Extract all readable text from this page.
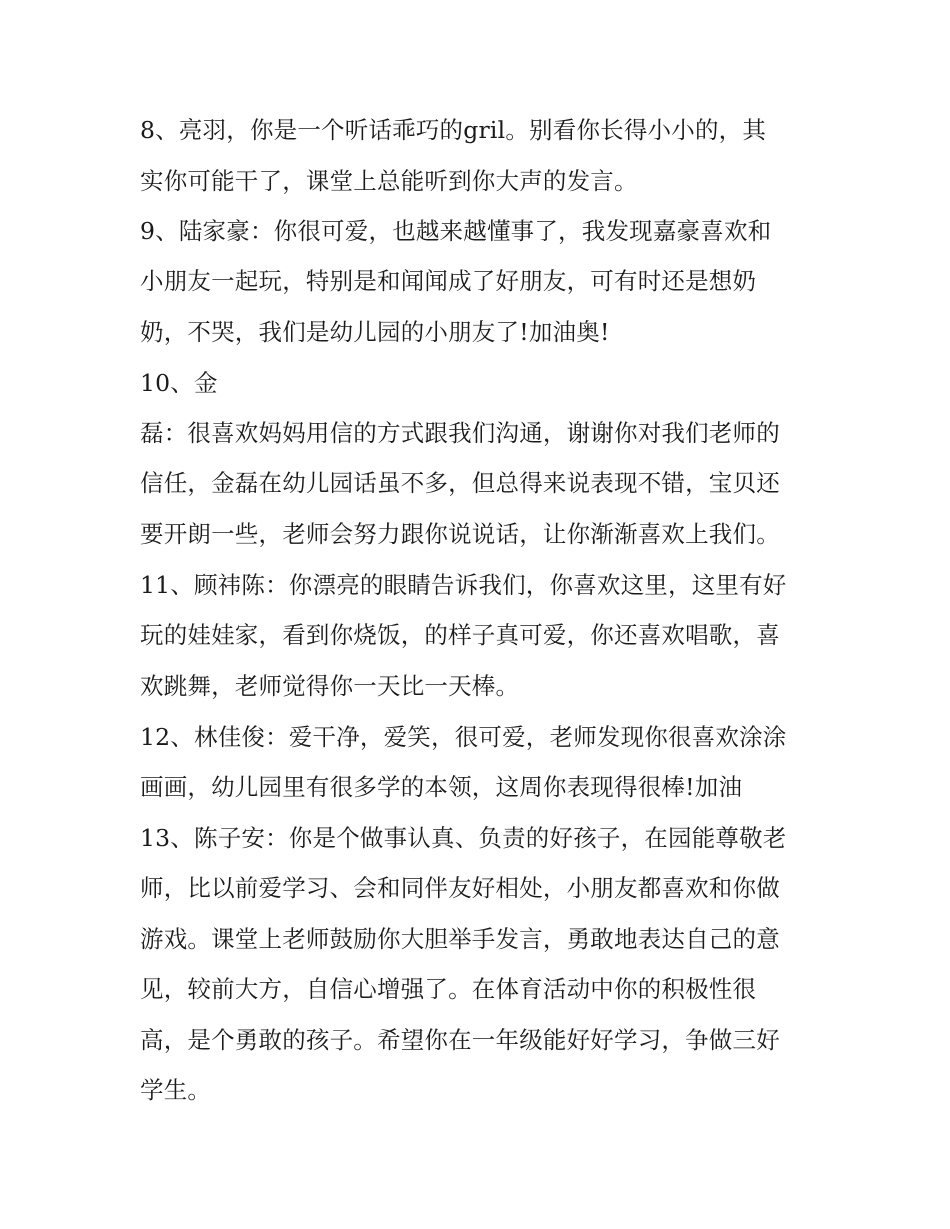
8、亮羽，你是一个听话乖巧的gril。别看你长得小小的，其
实你可能干了，课堂上总能听到你大声的发言。
9、陆家豪：你很可爱，也越来越懂事了，我发现嘉豪喜欢和
小朋友一起玩，特别是和闻闻成了好朋友，可有时还是想奶
奶，不哭，我们是幼儿园的小朋友了!加油奥!
10、金
磊：很喜欢妈妈用信的方式跟我们沟通，谢谢你对我们老师的
信任，金磊在幼儿园话虽不多，但总得来说表现不错，宝贝还
要开朗一些，老师会努力跟你说说话，让你渐渐喜欢上我们。
11、顾祎陈：你漂亮的眼睛告诉我们，你喜欢这里，这里有好
玩的娃娃家，看到你烧饭，的样子真可爱，你还喜欢唱歌，喜
欢跳舞，老师觉得你一天比一天棒。
12、林佳俊：爱干净，爱笑，很可爱，老师发现你很喜欢涂涂
画画，幼儿园里有很多学的本领，这周你表现得很棒!加油
13、陈子安：你是个做事认真、负责的好孩子，在园能尊敬老
师，比以前爱学习、会和同伴友好相处，小朋友都喜欢和你做
游戏。课堂上老师鼓励你大胆举手发言，勇敢地表达自己的意
见，较前大方，自信心增强了。在体育活动中你的积极性很
高，是个勇敢的孩子。希望你在一年级能好好学习，争做三好
学生。
